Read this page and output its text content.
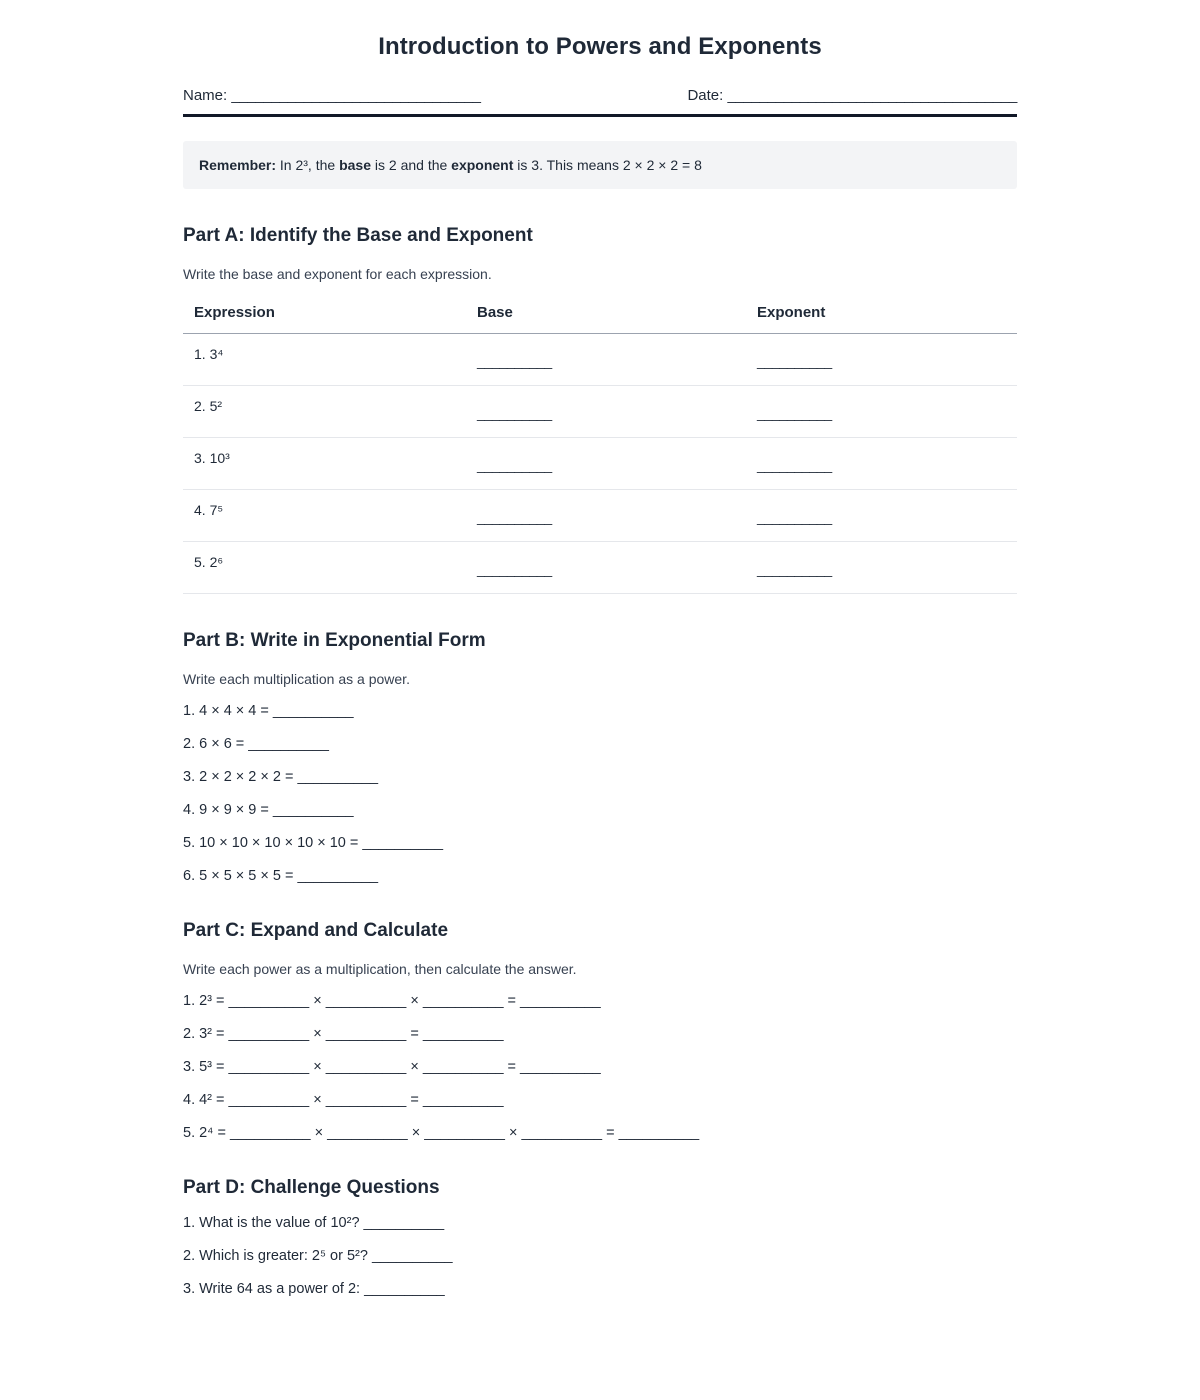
Introduction to Powers and Exponents
Name: _______________________________	Date: ____________________________________
Remember: In 2³, the base is 2 and the exponent is 3. This means 2 × 2 × 2 = 8
Part A: Identify the Base and Exponent

Write the base and exponent for each expression.

Expression	Base	Exponent
1. 3⁴	__________	__________
2. 5²	__________	__________
3. 10³	__________	__________
4. 7⁵	__________	__________
5. 2⁶	__________	__________
Part B: Write in Exponential Form

Write each multiplication as a power.

1. 4 × 4 × 4 = __________
2. 6 × 6 = __________
3. 2 × 2 × 2 × 2 = __________
4. 9 × 9 × 9 = __________
5. 10 × 10 × 10 × 10 × 10 = __________
6. 5 × 5 × 5 × 5 = __________
Part C: Expand and Calculate

Write each power as a multiplication, then calculate the answer.

1. 2³ = __________ × __________ × __________ = __________
2. 3² = __________ × __________ = __________
3. 5³ = __________ × __________ × __________ = __________
4. 4² = __________ × __________ = __________
5. 2⁴ = __________ × __________ × __________ × __________ = __________
Part D: Challenge Questions
1. What is the value of 10²? __________
2. Which is greater: 2⁵ or 5²? __________
3. Write 64 as a power of 2: __________
